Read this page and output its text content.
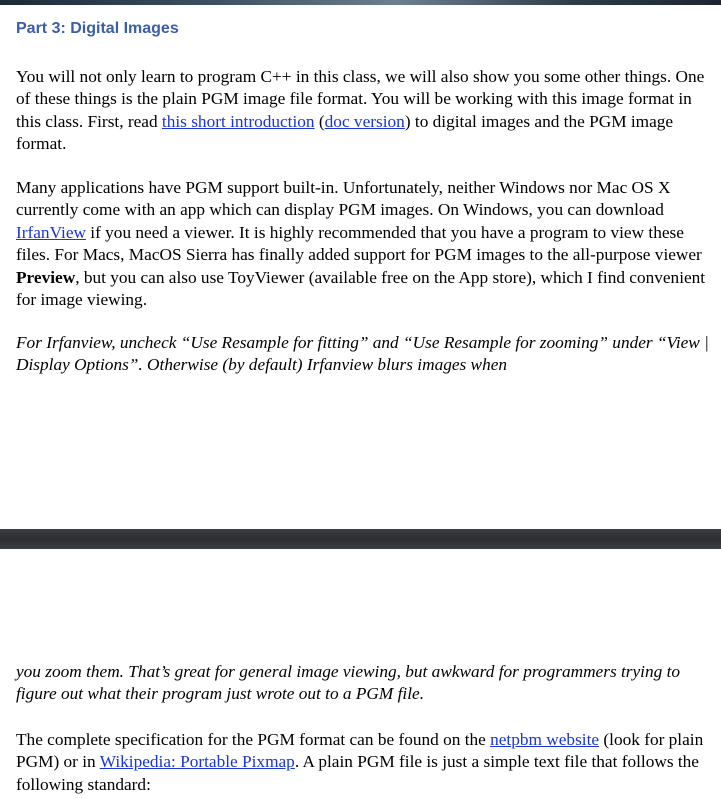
Part 3: Digital Images

You will not only learn to program C++ in this class, we will also show you some other things. One of these things is the plain PGM image file format. You will be working with this image format in this class. First, read this short introduction (doc version) to digital images and the PGM image format.

Many applications have PGM support built-in. Unfortunately, neither Windows nor Mac OS X currently come with an app which can display PGM images. On Windows, you can download IrfanView if you need a viewer. It is highly recommended that you have a program to view these files. For Macs, MacOS Sierra has finally added support for PGM images to the all-purpose viewer Preview, but you can also use ToyViewer (available free on the App store), which I find convenient for image viewing.

For Irfanview, uncheck “Use Resample for fitting” and “Use Resample for zooming” under “View | Display Options”. Otherwise (by default) Irfanview blurs images when

you zoom them. That’s great for general image viewing, but awkward for programmers trying to figure out what their program just wrote out to a PGM file.

The complete specification for the PGM format can be found on the netpbm website (look for plain PGM) or in Wikipedia: Portable Pixmap. A plain PGM file is just a simple text file that follows the following standard:
